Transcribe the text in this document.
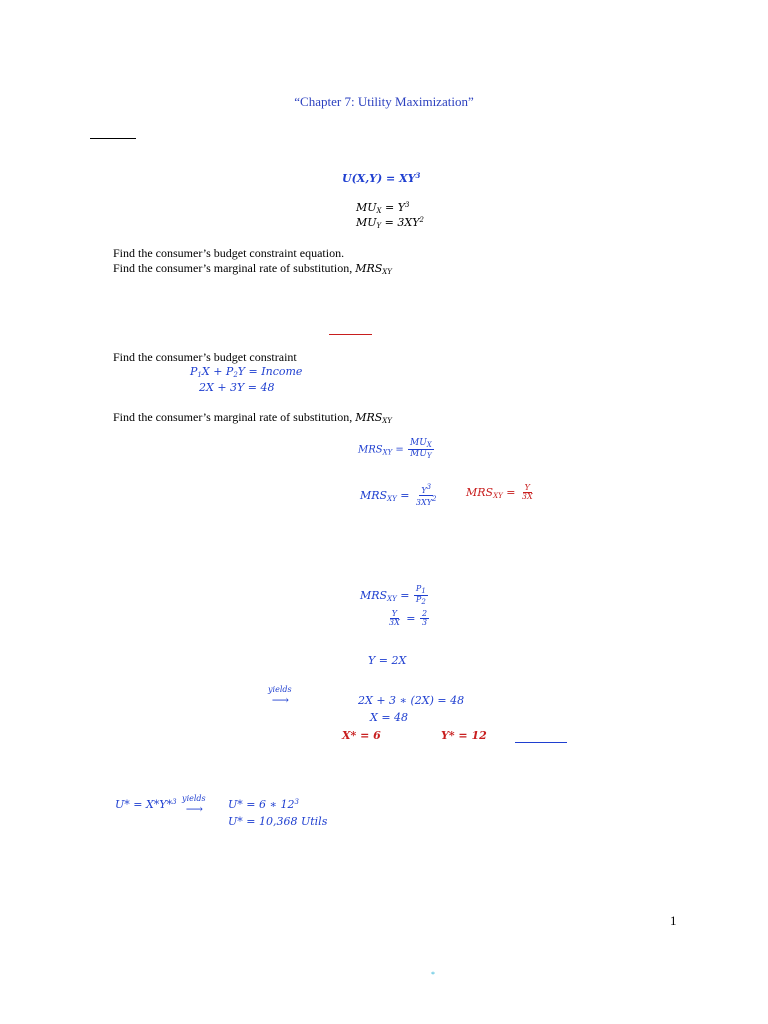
“Chapter 7: Utility Maximization”
$U(X,Y) = XY^3$
$MU_X = Y^3$
$MU_Y = 3XY^2$
Find the consumer’s budget constraint equation.
Find the consumer’s marginal rate of substitution, $MRS_{XY}$
Find the consumer’s budget constraint
$P_1X + P_2Y$ = Income
2X + 3Y = 48
Find the consumer’s marginal rate of substitution, $MRS_{XY}$
$MRS_{XY} = \frac{MU_X}{MU_Y}$
$MRS_{XY} = \frac{Y^3}{3XY^2}$	$MRS_{XY} = \frac{Y}{3X}$
$MRS_{XY} = \frac{P_1}{P_2}$
$\frac{Y}{3X} = \frac{2}{3}$
Y = 2X
yields
⟶	2X + 3 ∗ (2X) = 48
X = 48
X* = 6	Y* = 12
U* = X*Y*$^3$ yields
⟶ U* = 6 ∗ $12^3$
U* = 10,368 Utils
1
*
